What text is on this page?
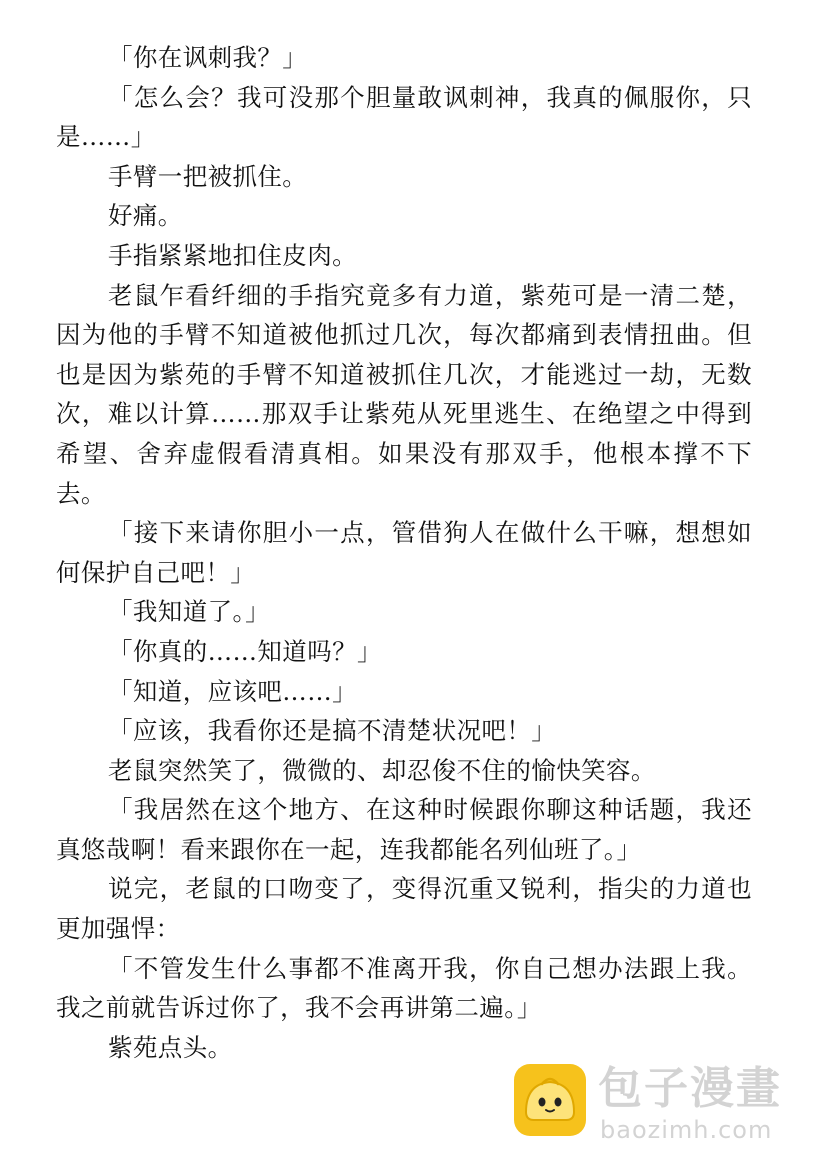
「你在讽刺我？」

「怎么会？我可没那个胆量敢讽刺神，我真的佩服你，只是……」

手臂一把被抓住。

好痛。

手指紧紧地扣住皮肉。

老鼠乍看纤细的手指究竟多有力道，紫苑可是一清二楚，因为他的手臂不知道被他抓过几次，每次都痛到表情扭曲。但也是因为紫苑的手臂不知道被抓住几次，才能逃过一劫，无数次，难以计算……那双手让紫苑从死里逃生、在绝望之中得到希望、舍弃虚假看清真相。如果没有那双手，他根本撑不下去。

「接下来请你胆小一点，管借狗人在做什么干嘛，想想如何保护自己吧！」

「我知道了。」

「你真的……知道吗？」

「知道，应该吧……」

「应该，我看你还是搞不清楚状况吧！」

老鼠突然笑了，微微的、却忍俊不住的愉快笑容。

「我居然在这个地方、在这种时候跟你聊这种话题，我还真悠哉啊！看来跟你在一起，连我都能名列仙班了。」

说完，老鼠的口吻变了，变得沉重又锐利，指尖的力道也更加强悍：

「不管发生什么事都不准离开我，你自己想办法跟上我。我之前就告诉过你了，我不会再讲第二遍。」

紫苑点头。

包子漫畫
baozimh.com
